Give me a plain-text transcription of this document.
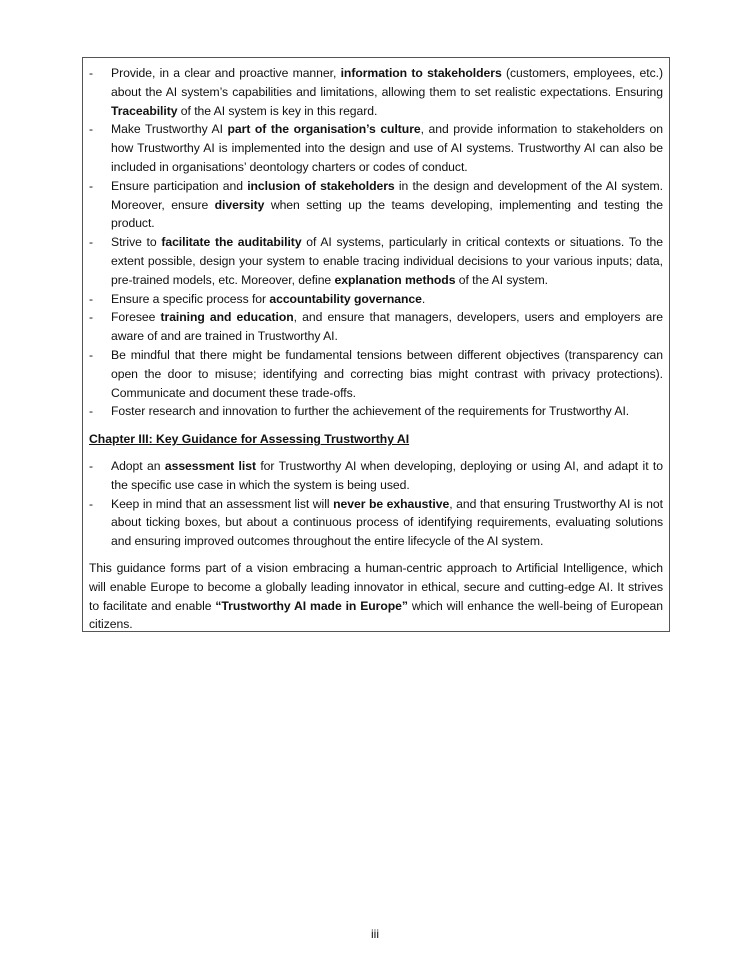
- Provide, in a clear and proactive manner, information to stakeholders (customers, employees, etc.) about the AI system’s capabilities and limitations, allowing them to set realistic expectations. Ensuring Traceability of the AI system is key in this regard.
- Make Trustworthy AI part of the organisation’s culture, and provide information to stakeholders on how Trustworthy AI is implemented into the design and use of AI systems. Trustworthy AI can also be included in organisations’ deontology charters or codes of conduct.
- Ensure participation and inclusion of stakeholders in the design and development of the AI system. Moreover, ensure diversity when setting up the teams developing, implementing and testing the product.
- Strive to facilitate the auditability of AI systems, particularly in critical contexts or situations. To the extent possible, design your system to enable tracing individual decisions to your various inputs; data, pre-trained models, etc. Moreover, define explanation methods of the AI system.
- Ensure a specific process for accountability governance.
- Foresee training and education, and ensure that managers, developers, users and employers are aware of and are trained in Trustworthy AI.
- Be mindful that there might be fundamental tensions between different objectives (transparency can open the door to misuse; identifying and correcting bias might contrast with privacy protections). Communicate and document these trade-offs.
- Foster research and innovation to further the achievement of the requirements for Trustworthy AI.
Chapter III: Key Guidance for Assessing Trustworthy AI
- Adopt an assessment list for Trustworthy AI when developing, deploying or using AI, and adapt it to the specific use case in which the system is being used.
- Keep in mind that an assessment list will never be exhaustive, and that ensuring Trustworthy AI is not about ticking boxes, but about a continuous process of identifying requirements, evaluating solutions and ensuring improved outcomes throughout the entire lifecycle of the AI system.
This guidance forms part of a vision embracing a human-centric approach to Artificial Intelligence, which will enable Europe to become a globally leading innovator in ethical, secure and cutting-edge AI. It strives to facilitate and enable “Trustworthy AI made in Europe” which will enhance the well-being of European citizens.
iii
